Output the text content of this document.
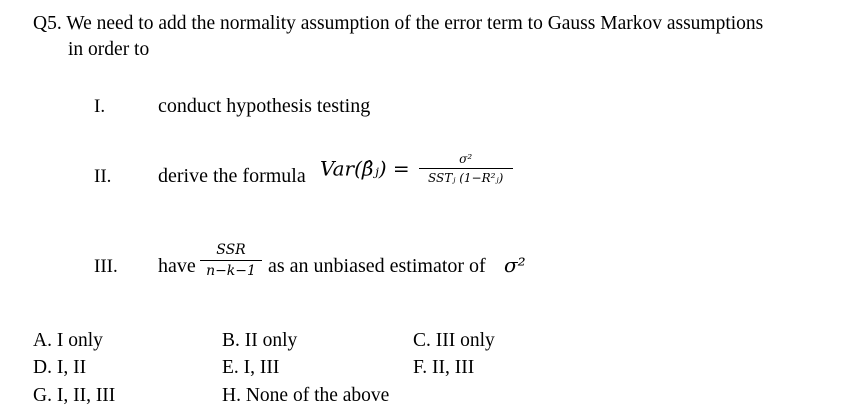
Q5. We need to add the normality assumption of the error term to Gauss Markov assumptions
in order to
I.	conduct hypothesis testing
II. derive the formula Var(β̂ⱼ) = $\frac{\text{σ²}}{\text{SSTⱼ (1−R²ⱼ)}}$
III. have $\frac{\text{SSR}}{n-k-1}$ as an unbiased estimator of σ²
A. I only	B. II only	C. III only
D. I, II	E. I, III	F. II, III
G. I, II, III	H. None of the above
